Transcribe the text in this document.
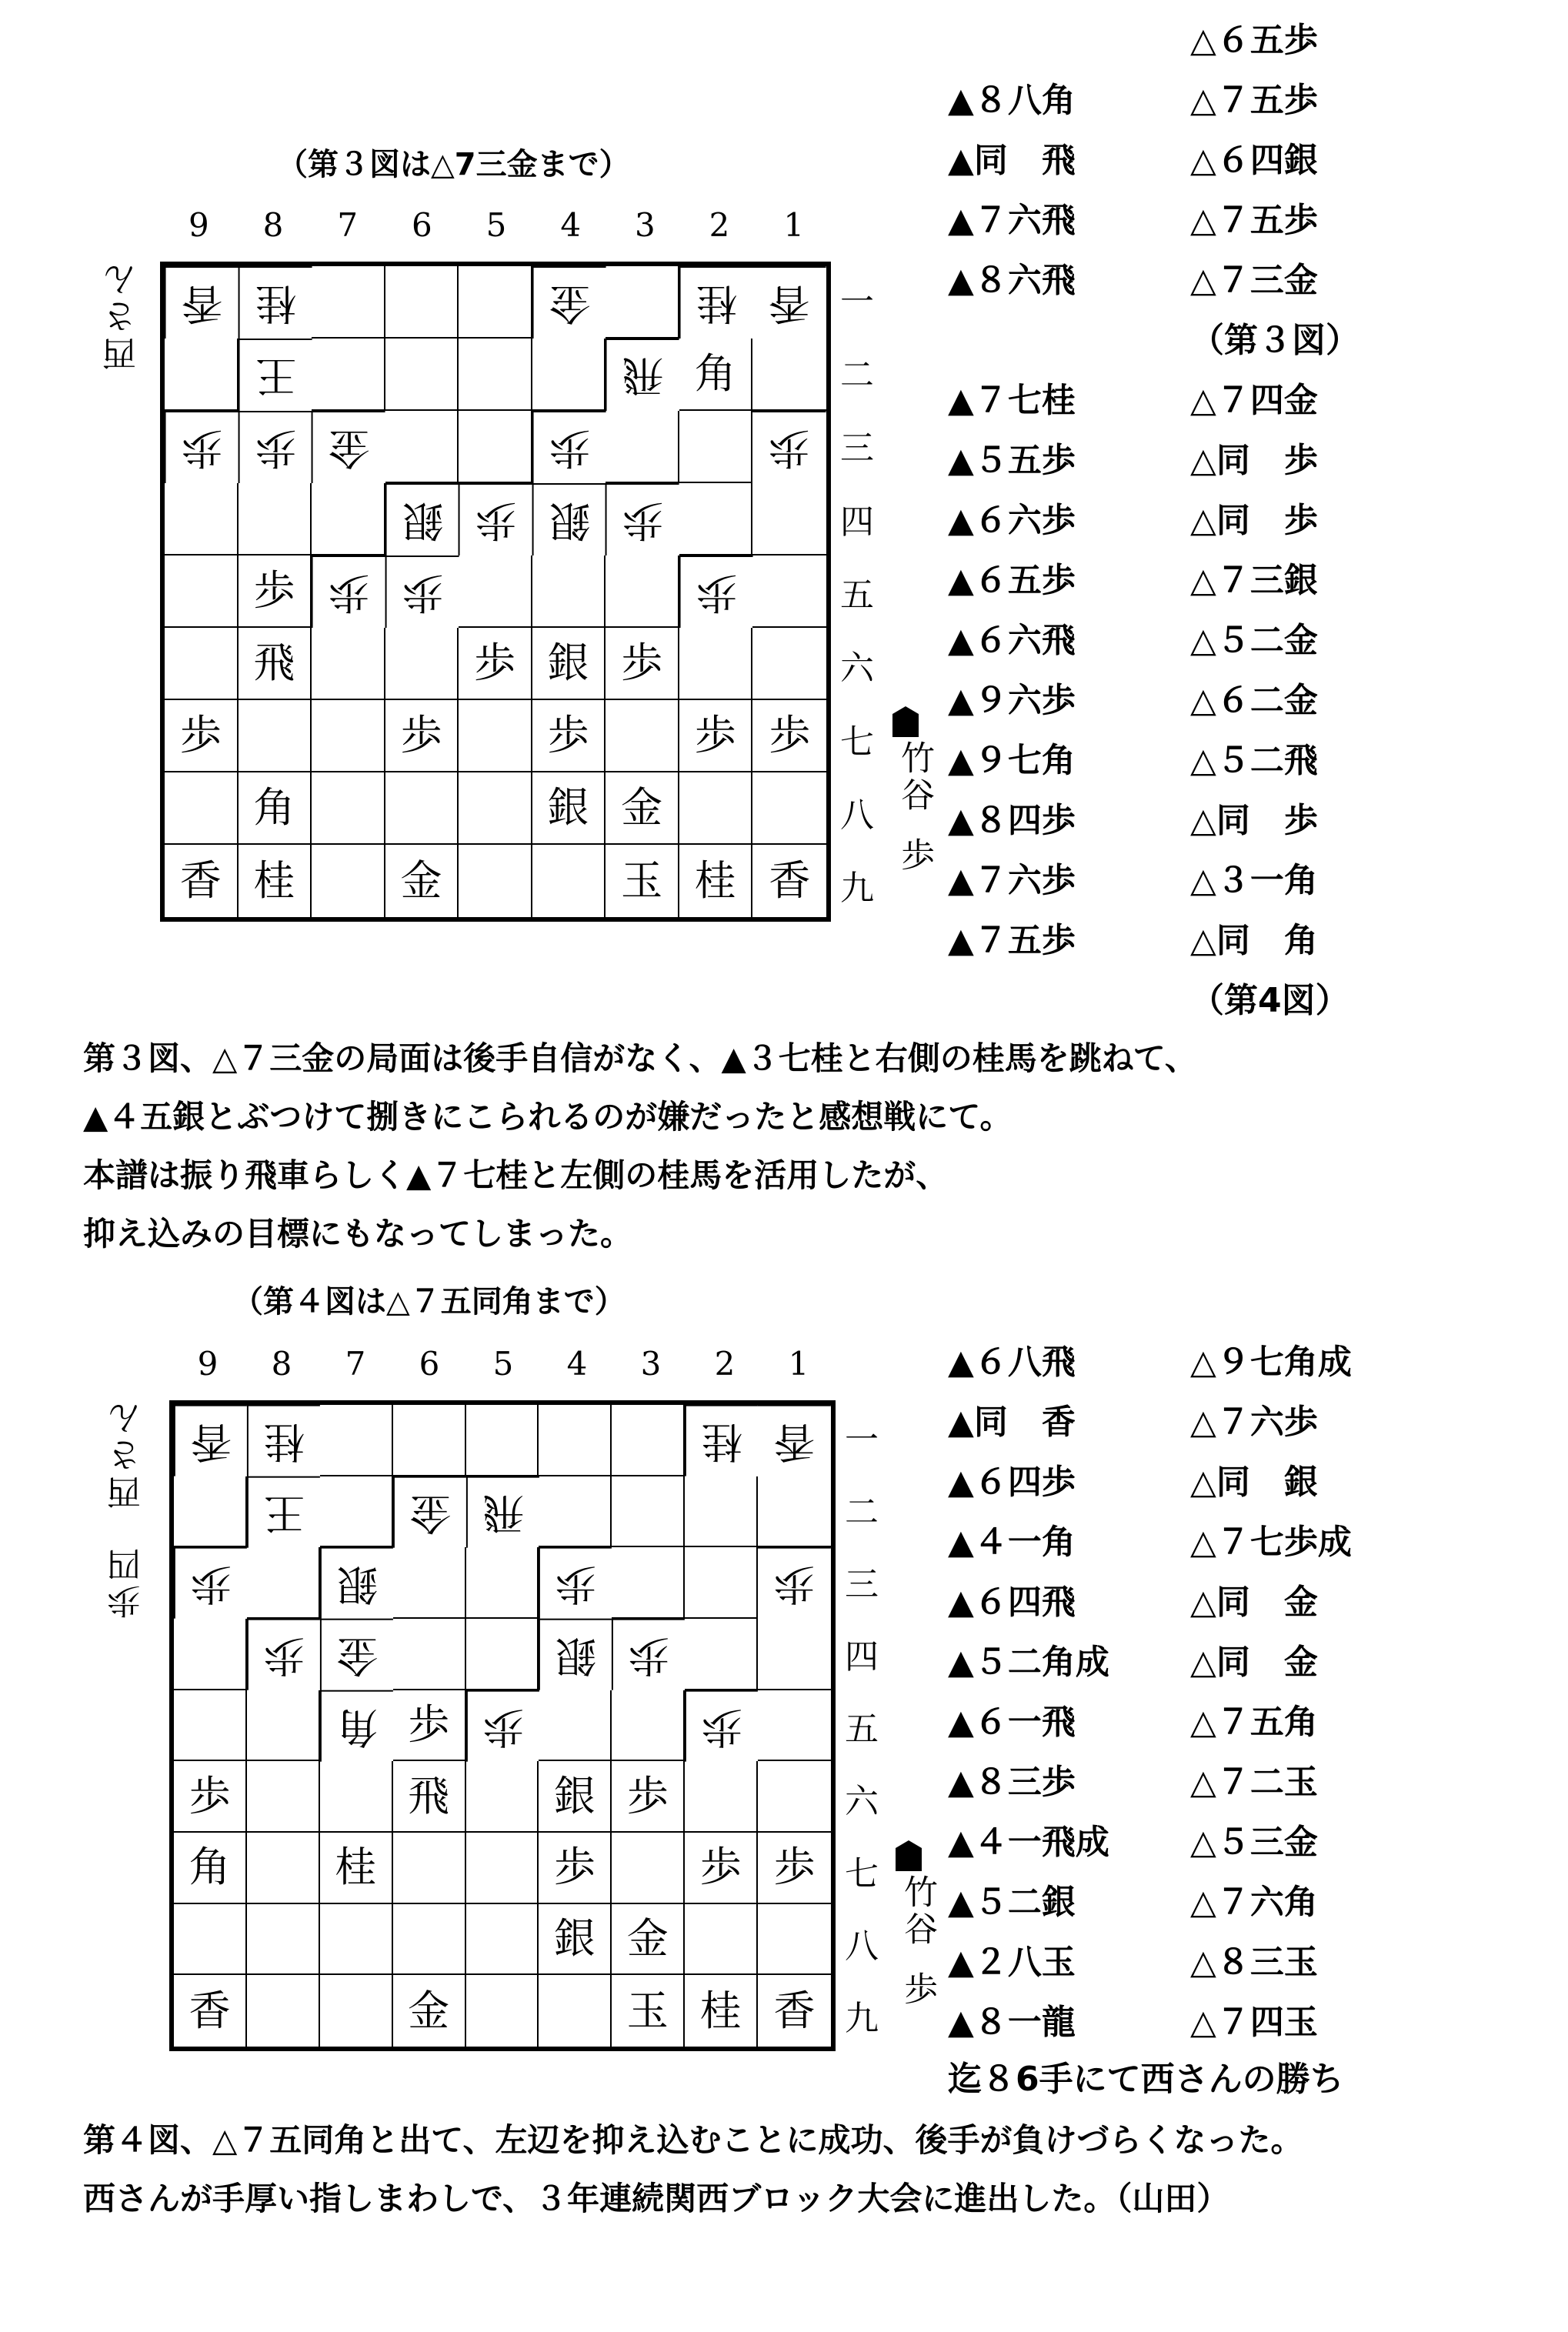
（第３図は△7三金まで）
9	8	7	6	5	4	3	2	1
西さん 香 桂	金	桂 香
王	飛 角
歩 歩 金	歩	歩
銀 歩 銀 歩
歩 歩 歩	歩
飛	歩 銀 歩
歩	歩	歩	歩 歩
角	銀 金
香 桂	金	玉 桂 香
一
二
三
四
五
六
七
八
九
竹谷
歩
△６五歩
▲８八角	△７五歩
▲同　飛	△６四銀
▲７六飛	△７五歩
▲８六飛	△７三金
（第３図）
▲７七桂	△７四金
▲５五歩	△同　歩
▲６六歩	△同　歩
▲６五歩	△７三銀
▲６六飛	△５二金
▲９六歩	△６二金
▲９七角	△５二飛
▲８四歩	△同　歩
▲７六歩	△３一角
▲７五歩	△同　角
（第4図）
第３図、△７三金の局面は後手自信がなく、▲３七桂と右側の桂馬を跳ねて、
▲４五銀とぶつけて捌きにこられるのが嫌だったと感想戦にて。
本譜は振り飛車らしく▲７七桂と左側の桂馬を活用したが、
抑え込みの目標にもなってしまった。
（第４図は△７五同角まで）
9	8	7	6	5	4	3	2	1
西さん
歩四
香 桂	桂 香
王	金 飛
歩	銀	歩	歩
歩 金	銀 歩
角 歩 歩	歩
歩	飛	銀 歩
角	桂	歩	歩 歩
銀 金
香	金	玉 桂 香
一
二
三
四
五
六
七
八
九
竹谷
歩
▲６八飛	△９七角成
▲同　香	△７六歩
▲６四歩	△同　銀
▲４一角	△７七歩成
▲６四飛	△同　金
▲５二角成 △同　金
▲６一飛	△７五角
▲８三歩	△７二玉
▲４一飛成 △５三金
▲５二銀	△７六角
▲２八玉	△８三玉
▲８一龍	△７四玉
迄８6手にて西さんの勝ち
第４図、△７五同角と出て、左辺を抑え込むことに成功、後手が負けづらくなった。
西さんが手厚い指しまわしで、３年連続関西ブロック大会に進出した。（山田）
